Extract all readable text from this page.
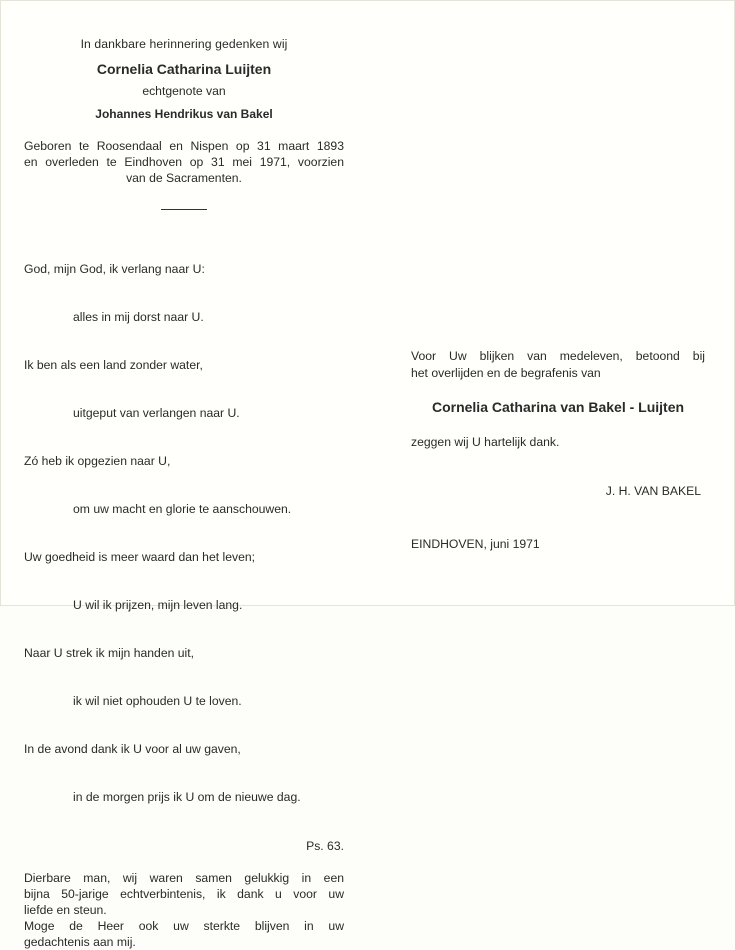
In dankbare herinnering gedenken wij
Cornelia Catharina Luijten
echtgenote van
Johannes Hendrikus van Bakel
Geboren te Roosendaal en Nispen op 31 maart 1893
en overleden te Eindhoven op 31 mei 1971, voorzien
van de Sacramenten.

God, mijn God, ik verlang naar U:

alles in mij dorst naar U.

Ik ben als een land zonder water,

uitgeput van verlangen naar U.

Zó heb ik opgezien naar U,

om uw macht en glorie te aanschouwen.

Uw goedheid is meer waard dan het leven;

U wil ik prijzen, mijn leven lang.

Naar U strek ik mijn handen uit,

ik wil niet ophouden U te loven.

In de avond dank ik U voor al uw gaven,

in de morgen prijs ik U om de nieuwe dag.

Ps. 63.
Dierbare man, wij waren samen gelukkig in een
bijna 50-jarige echtverbintenis, ik dank u voor uw
liefde en steun.
Moge de Heer ook uw sterkte blijven in uw
gedachtenis aan mij.
Voor Uw blijken van medeleven, betoond bij
het overlijden en de begrafenis van
Cornelia Catharina van Bakel - Luijten
zeggen wij U hartelijk dank.
J. H. VAN BAKEL
EINDHOVEN, juni 1971
